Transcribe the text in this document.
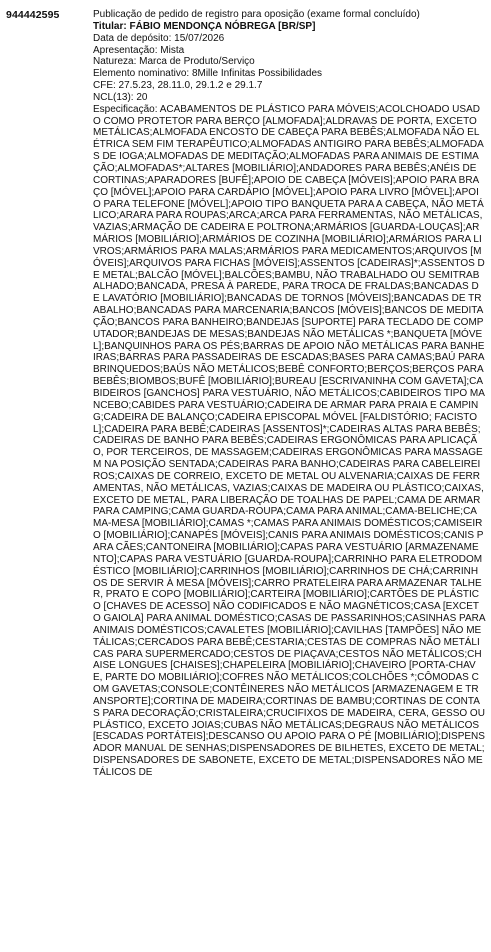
944442595	Publicação de pedido de registro para oposição (exame formal concluído)
Titular: FÁBIO MENDONÇA NÓBREGA [BR/SP]
Data de depósito: 15/07/2026
Apresentação: Mista
Natureza: Marca de Produto/Serviço
Elemento nominativo: 8Mille Infinitas Possibilidades
CFE: 27.5.23, 28.11.0, 29.1.2 e 29.1.7
NCL(13): 20
Especificação: ACABAMENTOS DE PLÁSTICO PARA MÓVEIS;ACOLCHOADO USADO COMO PROTETOR PARA BERÇO [ALMOFADA];ALDRAVAS DE PORTA, EXCETO METÁLICAS;ALMOFADA ENCOSTO DE CABEÇA PARA BEBÊS;ALMOFADA NÃO ELÉTRICA SEM FIM TERAPÊUTICO;ALMOFADAS ANTIGIRO PARA BEBÊS;ALMOFADAS DE IOGA;ALMOFADAS DE MEDITAÇÃO;ALMOFADAS PARA ANIMAIS DE ESTIMAÇÃO;ALMOFADAS*;ALTARES [MOBILIÁRIO];ANDADORES PARA BEBÊS;ANÉIS DE CORTINAS;APARADORES [BUFÊ];APOIO DE CABEÇA [MÓVEIS];APOIO PARA BRAÇO [MÓVEL];APOIO PARA CARDÁPIO [MÓVEL];APOIO PARA LIVRO [MÓVEL];APOIO PARA TELEFONE [MÓVEL];APOIO TIPO BANQUETA PARA A CABEÇA, NÃO METÁLICO;ARARA PARA ROUPAS;ARCA;ARCA PARA FERRAMENTAS, NÃO METÁLICAS, VAZIAS;ARMAÇÃO DE CADEIRA E POLTRONA;ARMÁRIOS [GUARDA-LOUÇAS];ARMÁRIOS [MOBILIÁRIO];ARMÁRIOS DE COZINHA [MOBILIÁRIO];ARMÁRIOS PARA LIVROS;ARMÁRIOS PARA MALAS;ARMÁRIOS PARA MEDICAMENTOS;ARQUIVOS [MÓVEIS];ARQUIVOS PARA FICHAS [MÓVEIS];ASSENTOS [CADEIRAS]*;ASSENTOS DE METAL;BALCÃO [MÓVEL];BALCÕES;BAMBU, NÃO TRABALHADO OU SEMITRABALHADO;BANCADA, PRESA À PAREDE, PARA TROCA DE FRALDAS;BANCADAS DE LAVATÓRIO [MOBILIÁRIO];BANCADAS DE TORNOS [MÓVEIS];BANCADAS DE TRABALHO;BANCADAS PARA MARCENARIA;BANCOS [MÓVEIS];BANCOS DE MEDITAÇÃO;BANCOS PARA BANHEIRO;BANDEJAS [SUPORTE] PARA TECLADO DE COMPUTADOR;BANDEJAS DE MESAS;BANDEJAS NÃO METÁLICAS *;BANQUETA [MÓVEL];BANQUINHOS PARA OS PÉS;BARRAS DE APOIO NÃO METÁLICAS PARA BANHEIRAS;BARRAS PARA PASSADEIRAS DE ESCADAS;BASES PARA CAMAS;BAÚ PARA BRINQUEDOS;BAÚS NÃO METÁLICOS;BEBÊ CONFORTO;BERÇOS;BERÇOS PARA BEBÊS;BIOMBOS;BUFÊ [MOBILIÁRIO];BUREAU [ESCRIVANINHA COM GAVETA];CABIDEIROS [GANCHOS] PARA VESTUÁRIO, NÃO METÁLICOS;CABIDEIROS TIPO MANCEBO;CABIDES PARA VESTUÁRIO;CADEIRA DE ARMAR PARA PRAIA E CAMPING;CADEIRA DE BALANÇO;CADEIRA EPISCOPAL MÓVEL [FALDISTÓRIO; FACISTOL];CADEIRA PARA BEBÊ;CADEIRAS [ASSENTOS]*;CADEIRAS ALTAS PARA BEBÊS;CADEIRAS DE BANHO PARA BEBÊS;CADEIRAS ERGONÔMICAS PARA APLICAÇÃO, POR TERCEIROS, DE MASSAGEM;CADEIRAS ERGONÔMICAS PARA MASSAGEM NA POSIÇÃO SENTADA;CADEIRAS PARA BANHO;CADEIRAS PARA CABELEIREIROS;CAIXAS DE CORREIO, EXCETO DE METAL OU ALVENARIA;CAIXAS DE FERRAMENTAS, NÃO METÁLICAS, VAZIAS;CAIXAS DE MADEIRA OU PLÁSTICO;CAIXAS, EXCETO DE METAL, PARA LIBERAÇÃO DE TOALHAS DE PAPEL;CAMA DE ARMAR PARA CAMPING;CAMA GUARDA-ROUPA;CAMA PARA ANIMAL;CAMA-BELICHE;CAMA-MESA [MOBILIÁRIO];CAMAS *;CAMAS PARA ANIMAIS DOMÉSTICOS;CAMISEIRO [MOBILIÁRIO];CANAPÉS [MÓVEIS];CANIS PARA ANIMAIS DOMÉSTICOS;CANIS PARA CÃES;CANTONEIRA [MOBILIÁRIO];CAPAS PARA VESTUÁRIO [ARMAZENAMENTO];CAPAS PARA VESTUÁRIO [GUARDA-ROUPA];CARRINHO PARA ELETRODOMÉSTICO [MOBILIÁRIO];CARRINHOS [MOBILIÁRIO];CARRINHOS DE CHÁ;CARRINHOS DE SERVIR À MESA [MÓVEIS];CARRO PRATELEIRA PARA ARMAZENAR TALHER, PRATO E COPO [MOBILIÁRIO];CARTEIRA [MOBILIÁRIO];CARTÕES DE PLÁSTICO [CHAVES DE ACESSO] NÃO CODIFICADOS E NÃO MAGNÉTICOS;CASA [EXCETO GAIOLA] PARA ANIMAL DOMÉSTICO;CASAS DE PASSARINHOS;CASINHAS PARA ANIMAIS DOMÉSTICOS;CAVALETES [MOBILIÁRIO];CAVILHAS [TAMPÕES] NÃO METÁLICAS;CERCADOS PARA BEBÊ;CESTARIA;CESTAS DE COMPRAS NÃO METÁLICAS PARA SUPERMERCADO;CESTOS DE PIAÇAVA;CESTOS NÃO METÁLICOS;CHAISE LONGUES [CHAISES];CHAPELEIRA [MOBILIÁRIO];CHAVEIRO [PORTA-CHAVE, PARTE DO MOBILIÁRIO];COFRES NÃO METÁLICOS;COLCHÕES *;CÔMODAS COM GAVETAS;CONSOLE;CONTÊINERES NÃO METÁLICOS [ARMAZENAGEM E TRANSPORTE];CORTINA DE MADEIRA;CORTINAS DE BAMBU;CORTINAS DE CONTAS PARA DECORAÇÃO;CRISTALEIRA;CRUCIFIXOS DE MADEIRA, CERA, GESSO OU PLÁSTICO, EXCETO JOIAS;CUBAS NÃO METÁLICAS;DEGRAUS NÃO METÁLICOS [ESCADAS PORTÁTEIS];DESCANSO OU APOIO PARA O PÉ [MOBILIÁRIO];DISPENSADOR MANUAL DE SENHAS;DISPENSADORES DE BILHETES, EXCETO DE METAL;DISPENSADORES DE SABONETE, EXCETO DE METAL;DISPENSADORES NÃO METÁLICOS DE
